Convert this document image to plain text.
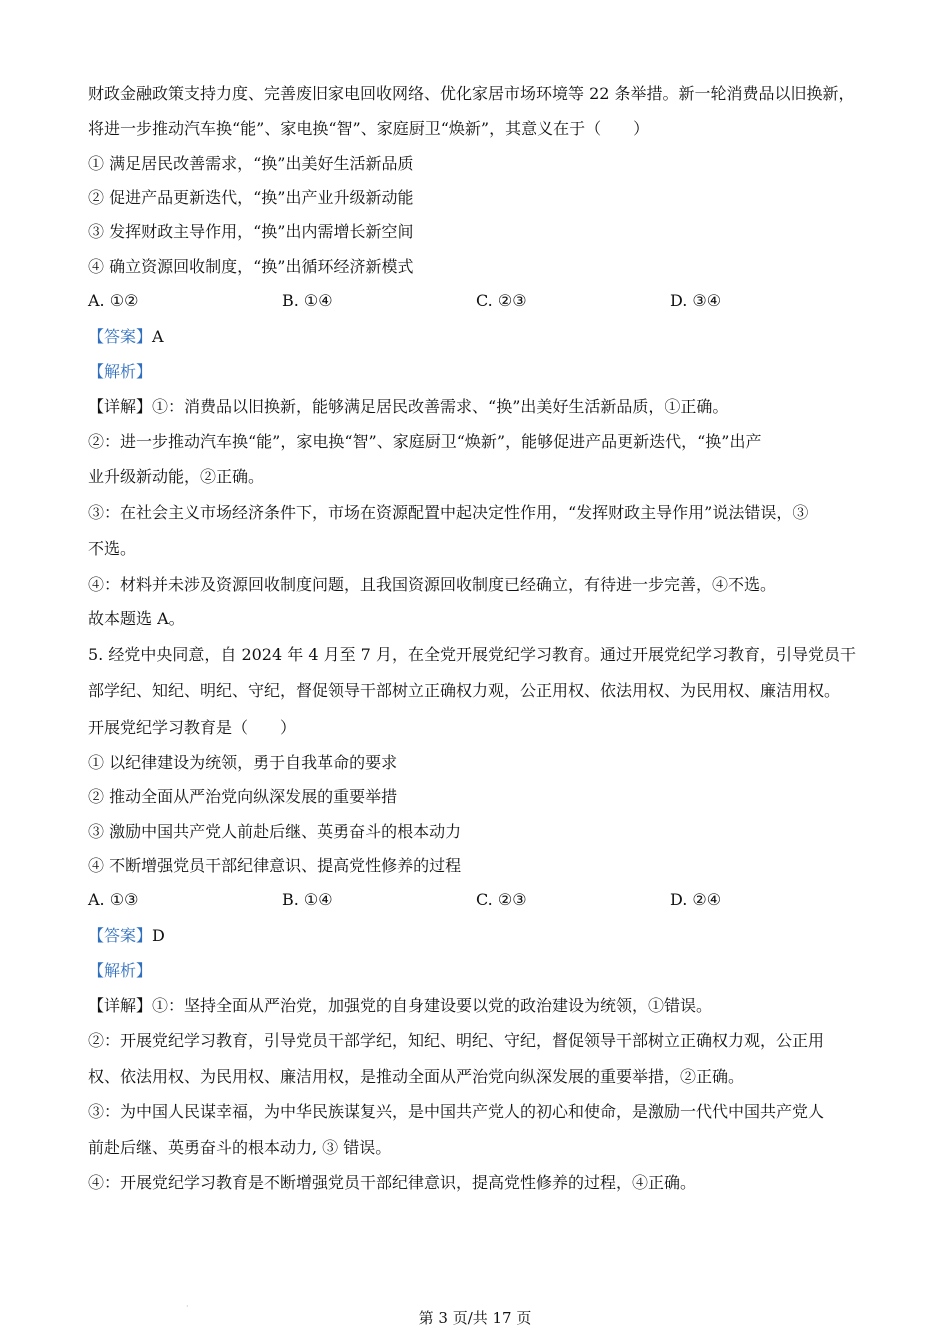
财政金融政策支持力度、完善废旧家电回收网络、优化家居市场环境等 22 条举措。新一轮消费品以旧换新，
将进一步推动汽车换“能”、家电换“智”、家庭厨卫“焕新”，其意义在于（　　）
① 满足居民改善需求，“换”出美好生活新品质
② 促进产品更新迭代，“换”出产业升级新动能
③ 发挥财政主导作用，“换”出内需增长新空间
④ 确立资源回收制度，“换”出循环经济新模式
A. ①②	B. ①④	C. ②③	D. ③④
【答案】A
【解析】
【详解】①：消费品以旧换新，能够满足居民改善需求、“换”出美好生活新品质，①正确。
②：进一步推动汽车换“能”，家电换“智”、家庭厨卫“焕新”，能够促进产品更新迭代，“换”出产
业升级新动能，②正确。
③：在社会主义市场经济条件下，市场在资源配置中起决定性作用，“发挥财政主导作用”说法错误，③
不选。
④：材料并未涉及资源回收制度问题，且我国资源回收制度已经确立，有待进一步完善，④不选。
故本题选 A。
5. 经党中央同意，自 2024 年 4 月至 7 月，在全党开展党纪学习教育。通过开展党纪学习教育，引导党员干
部学纪、知纪、明纪、守纪，督促领导干部树立正确权力观，公正用权、依法用权、为民用权、廉洁用权。
开展党纪学习教育是（　　）
① 以纪律建设为统领，勇于自我革命的要求
② 推动全面从严治党向纵深发展的重要举措
③ 激励中国共产党人前赴后继、英勇奋斗的根本动力
④ 不断增强党员干部纪律意识、提高党性修养的过程
A. ①③	B. ①④	C. ②③	D. ②④
【答案】D
【解析】
【详解】①：坚持全面从严治党，加强党的自身建设要以党的政治建设为统领，①错误。
②：开展党纪学习教育，引导党员干部学纪，知纪、明纪、守纪，督促领导干部树立正确权力观，公正用
权、依法用权、为民用权、廉洁用权，是推动全面从严治党向纵深发展的重要举措，②正确。
③：为中国人民谋幸福，为中华民族谋复兴，是中国共产党人的初心和使命，是激励一代代中国共产党人
前赴后继、英勇奋斗的根本动力, ③ 错误。
④：开展党纪学习教育是不断增强党员干部纪律意识，提高党性修养的过程，④正确。
·
第 3 页/共 17 页
